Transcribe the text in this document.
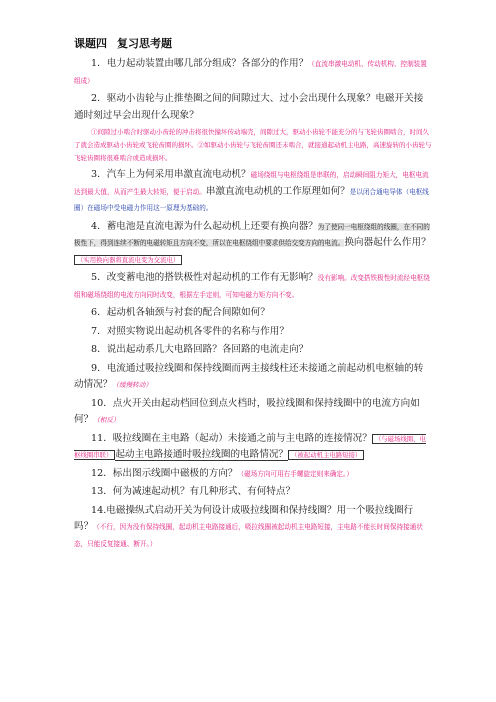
课题四 复习思考题

1．电力起动装置由哪几部分组成？各部分的作用？（直流串激电动机、传动机构、控制装置组成）

2．驱动小齿轮与止推垫圈之间的间隙过大、过小会出现什么现象？电磁开关接通时刻过早会出现什么现象？

①间隙过小啮合时驱动小齿轮的冲击将很快撞坏传动端壳，间隙过大，驱动小齿轮不能充分的与飞轮齿圈啮合，时间久了就会造成驱动小齿轮或飞轮齿圈的损坏。②如驱动小齿轮与飞轮齿圈还未啮合，就接通起动机主电路，高速旋转的小齿轮与飞轮齿圈将很难啮合或造成损坏。

3．汽车上为何采用串激直流电动机？磁场绕组与电枢绕组是串联的，启动瞬间阻力矩大，电枢电流达到最大值，从而产生最大转矩，便于启动。串激直流电动机的工作原理如何？是以闭合通电导体（电枢线圈）在磁场中受电磁力作用这一原理为基础的。

4．蓄电池是直流电源为什么起动机上还要有换向器？为了使同一电枢绕组的线圈，在不同的极性下，得到连续不断的电磁转矩且方向不变，所以在电枢绕组中要求供给交变方向的电流。换向器起什么作用？（实用换向器将直流电变为交流电）

5．改变蓄电池的搭铁极性对起动机的工作有无影响？没有影响。改变搭铁极性时流经电枢绕组和磁场绕组的电流方向同时改变，根据左手定则，可知电磁力矩方向不变。

6．起动机各轴颈与衬套的配合间隙如何？

7．对照实物说出起动机各零件的名称与作用？

8．说出起动系几大电路回路？各回路的电流走向？

9．电流通过吸拉线圈和保持线圈而两主接线柱还未接通之前起动机电枢轴的转动情况？（缓慢转动）

10．点火开关由起动档回位到点火档时，吸拉线圈和保持线圈中的电流方向如何？（相反）

11．吸拉线圈在主电路（起动）未接通之前与主电路的连接情况？ （与磁场线圈、电枢线圈串联） 起动主电路接通时吸拉线圈的电路情况？ （被起动机主电路短接）

12．标出图示线圈中磁极的方向？（磁场方向可用右手螺旋定则来确定。）

13．何为减速起动机？有几种形式、有何特点？

14.电磁操纵式启动开关为何设计成吸拉线圈和保持线圈？用一个吸拉线圈行吗？（不行，因为没有保持线圈，起动机主电路接通后，吸拉线圈被起动机主电路短接，主电路不能长时间保持接通状态，只能反复接通、断开。）
